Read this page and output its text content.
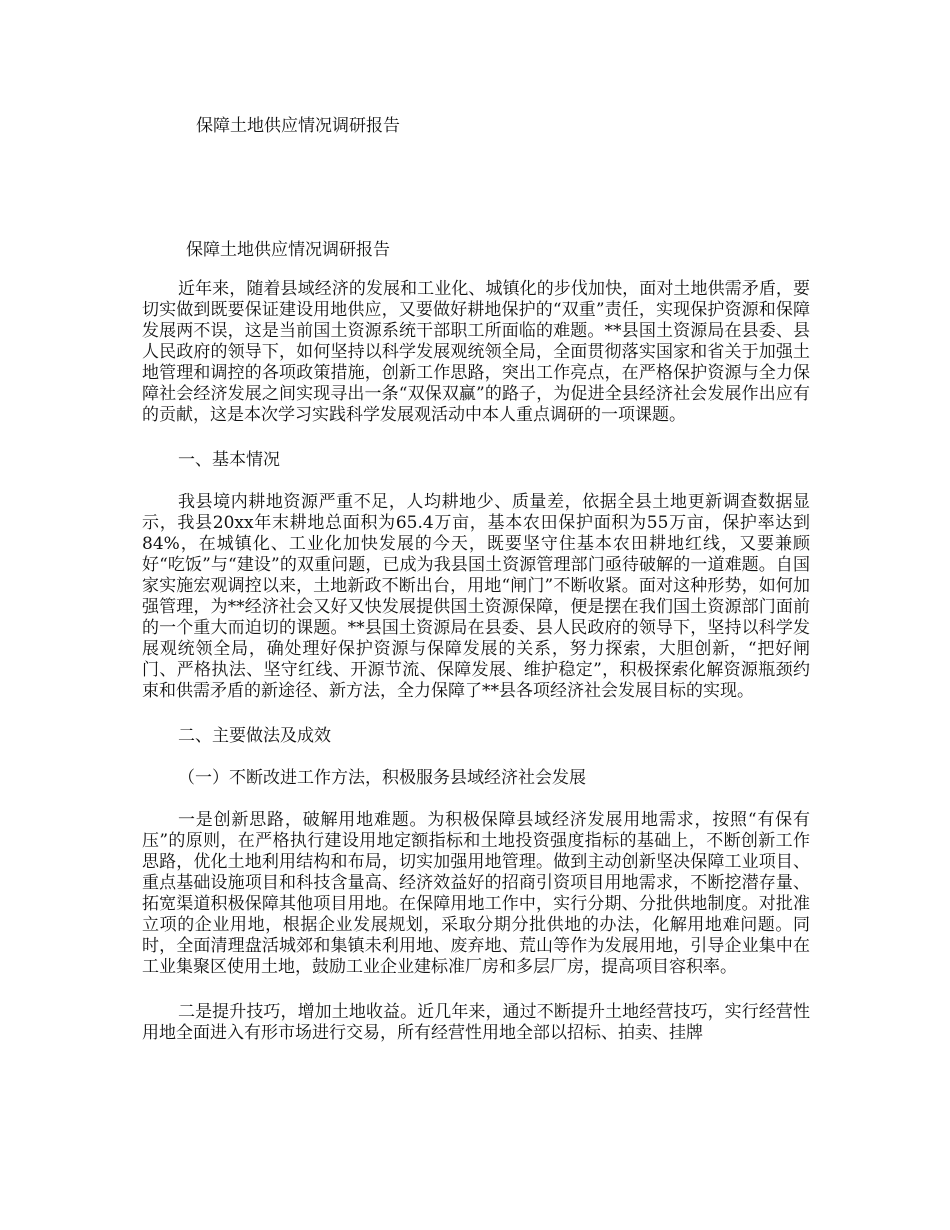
保障土地供应情况调研报告
保障土地供应情况调研报告

近年来，随着县域经济的发展和工业化、城镇化的步伐加快，面对土地供需矛盾，要切实做到既要保证建设用地供应，又要做好耕地保护的“双重”责任，实现保护资源和保障发展两不误，这是当前国土资源系统干部职工所面临的难题。**县国土资源局在县委、县人民政府的领导下，如何坚持以科学发展观统领全局，全面贯彻落实国家和省关于加强土地管理和调控的各项政策措施，创新工作思路，突出工作亮点，在严格保护资源与全力保障社会经济发展之间实现寻出一条“双保双赢”的路子，为促进全县经济社会发展作出应有的贡献，这是本次学习实践科学发展观活动中本人重点调研的一项课题。

一、基本情况

我县境内耕地资源严重不足，人均耕地少、质量差，依据全县土地更新调查数据显示，我县20xx年末耕地总面积为65.4万亩，基本农田保护面积为55万亩，保护率达到84%，在城镇化、工业化加快发展的今天，既要坚守住基本农田耕地红线，又要兼顾好“吃饭”与“建设”的双重问题，已成为我县国土资源管理部门亟待破解的一道难题。自国家实施宏观调控以来，土地新政不断出台，用地“闸门”不断收紧。面对这种形势，如何加强管理，为**经济社会又好又快发展提供国土资源保障，便是摆在我们国土资源部门面前的一个重大而迫切的课题。**县国土资源局在县委、县人民政府的领导下，坚持以科学发展观统领全局，确处理好保护资源与保障发展的关系，努力探索，大胆创新，“把好闸门、严格执法、坚守红线、开源节流、保障发展、维护稳定”，积极探索化解资源瓶颈约束和供需矛盾的新途径、新方法，全力保障了**县各项经济社会发展目标的实现。

二、主要做法及成效
（一）不断改进工作方法，积极服务县域经济社会发展

一是创新思路，破解用地难题。为积极保障县域经济发展用地需求，按照“有保有压”的原则，在严格执行建设用地定额指标和土地投资强度指标的基础上，不断创新工作思路，优化土地利用结构和布局，切实加强用地管理。做到主动创新坚决保障工业项目、重点基础设施项目和科技含量高、经济效益好的招商引资项目用地需求，不断挖潜存量、拓宽渠道积极保障其他项目用地。在保障用地工作中，实行分期、分批供地制度。对批准立项的企业用地，根据企业发展规划，采取分期分批供地的办法，化解用地难问题。同时，全面清理盘活城郊和集镇未利用地、废弃地、荒山等作为发展用地，引导企业集中在工业集聚区使用土地，鼓励工业企业建标准厂房和多层厂房，提高项目容积率。

二是提升技巧，增加土地收益。近几年来，通过不断提升土地经营技巧，实行经营性用地全面进入有形市场进行交易，所有经营性用地全部以招标、拍卖、挂牌
